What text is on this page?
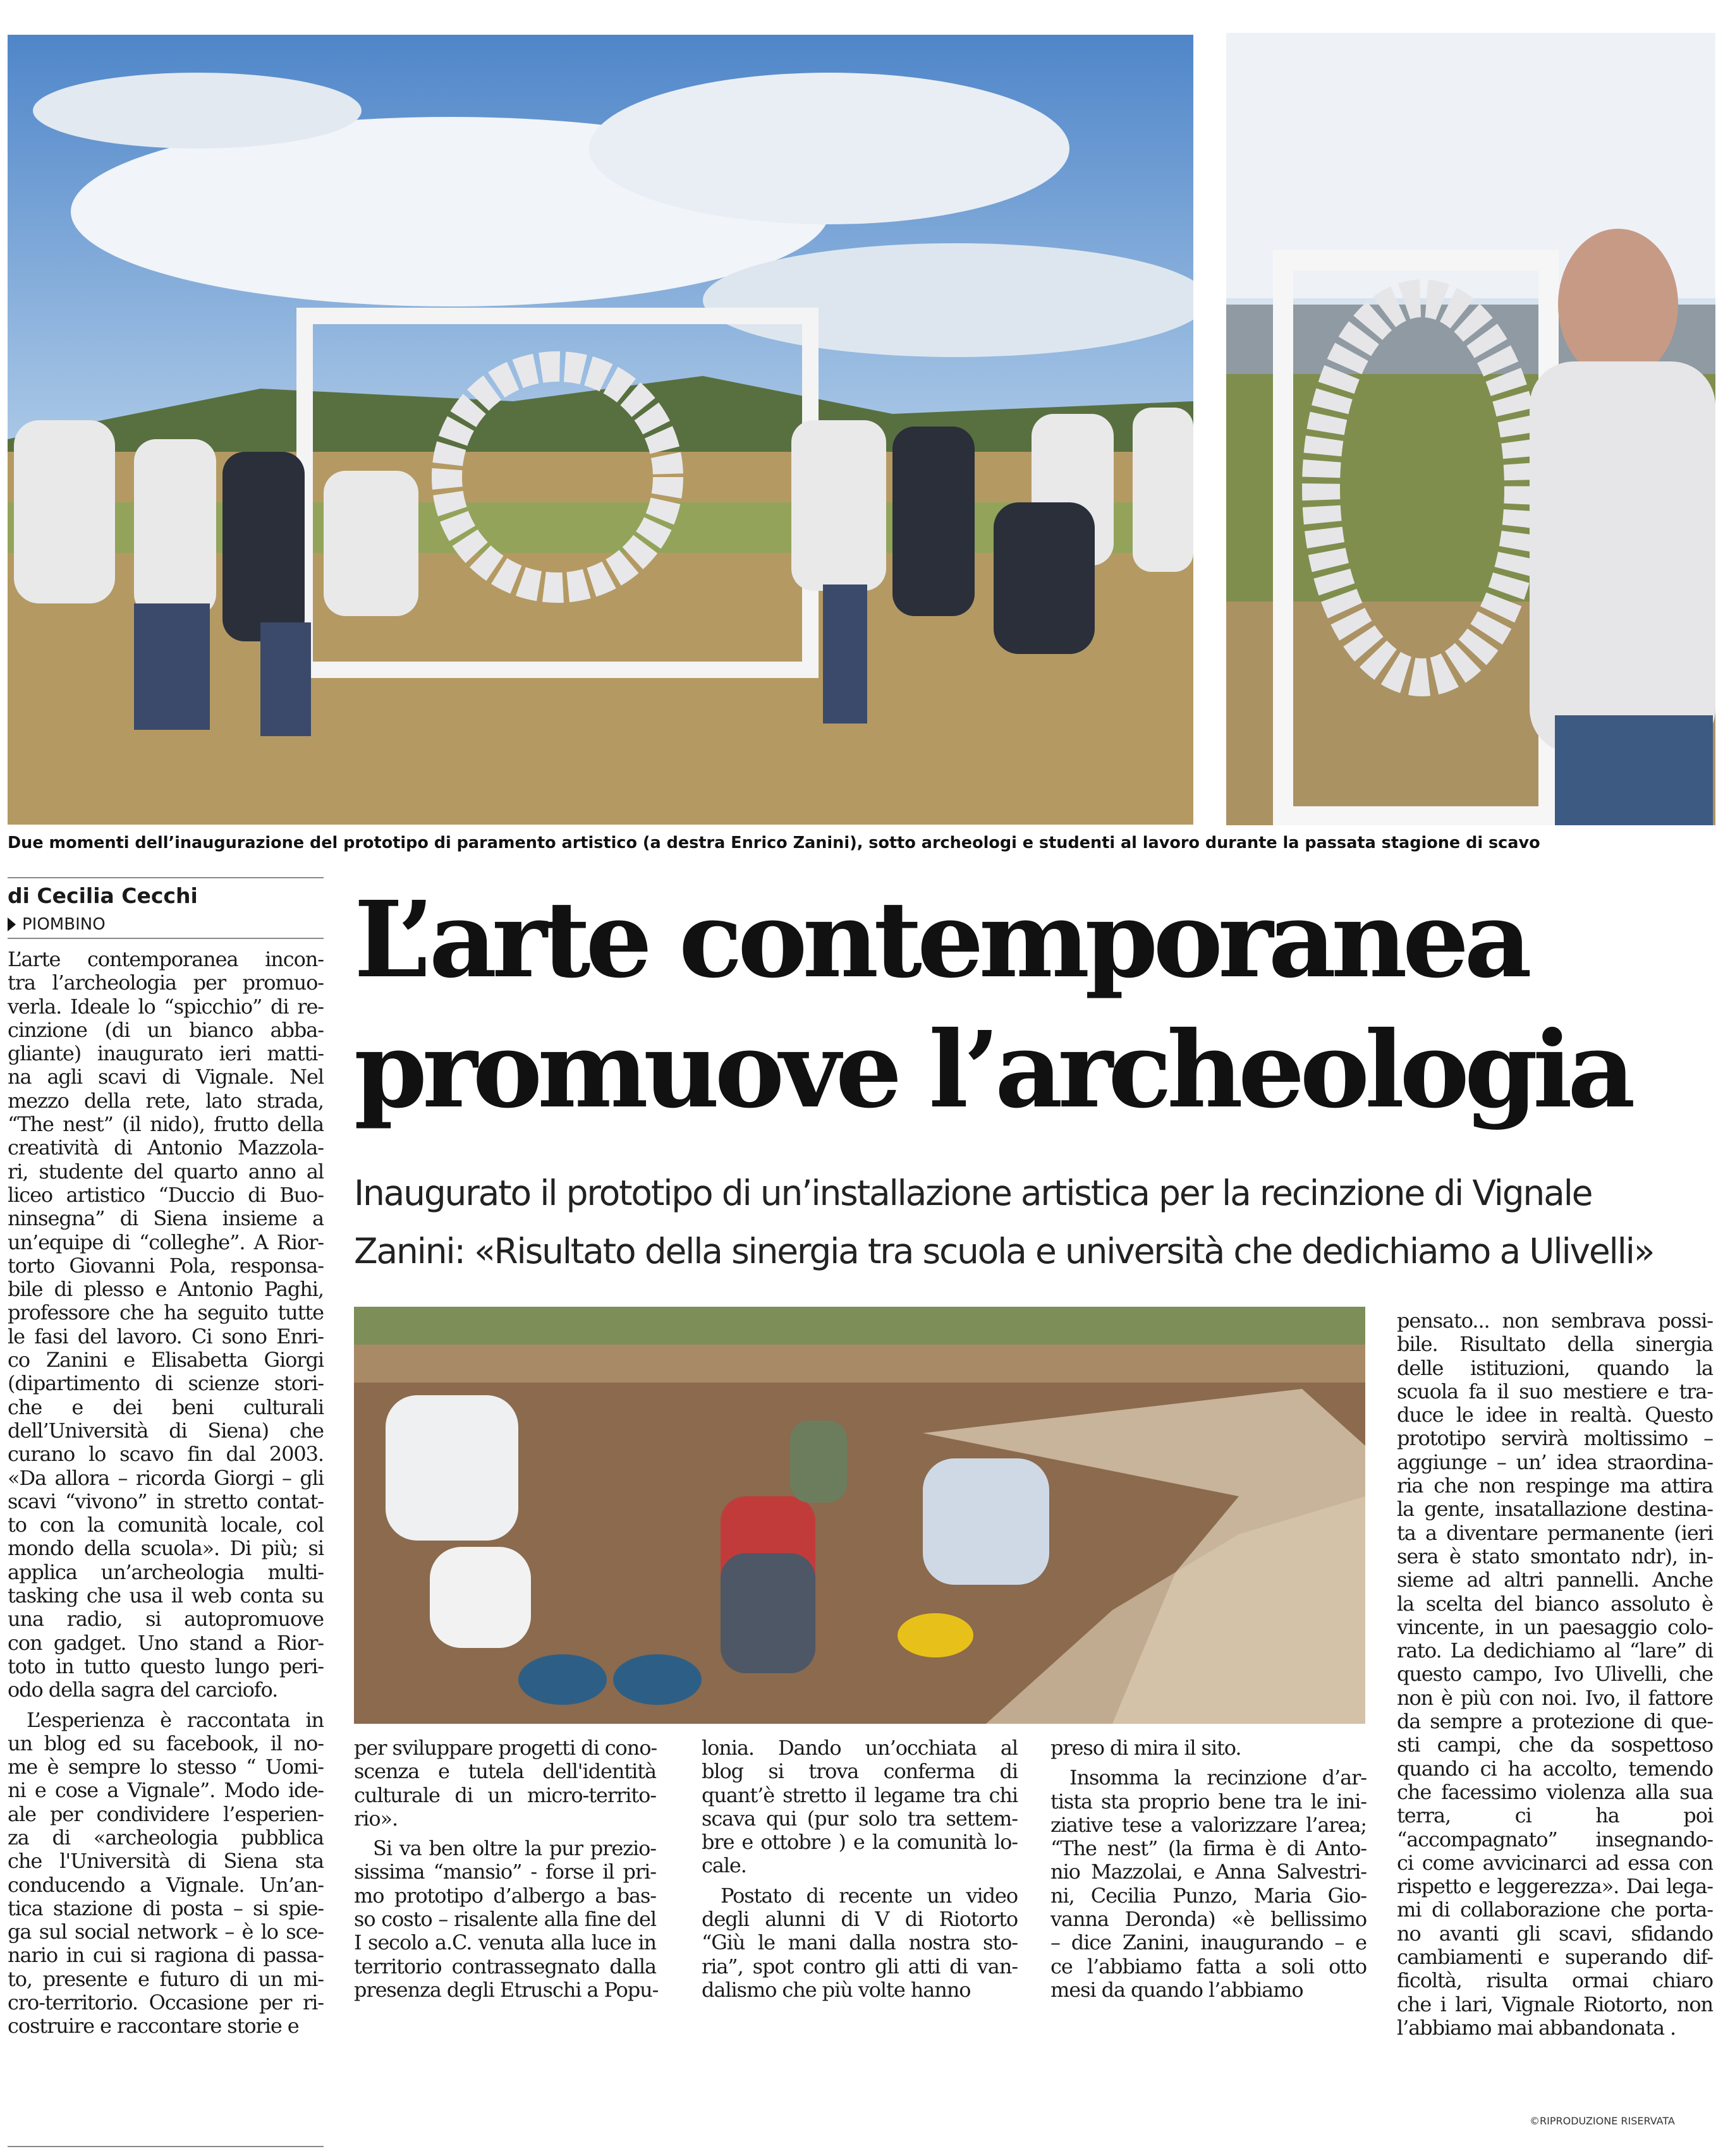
Due momenti dell’inaugurazione del prototipo di paramento artistico (a destra Enrico Zanini), sotto archeologi e studenti al lavoro durante la passata stagione di scavo
di Cecilia Cecchi
PIOMBINO L’arte contemporanea
promuove l’archeologia
Inaugurato il prototipo di un’installazione artistica per la recinzione di Vignale
Zanini: «Risultato della sinergia tra scuola e università che dedichiamo a Ulivelli»
L’arte contemporanea incon-
tra l’archeologia per promuo-
verla. Ideale lo “spicchio” di re-
cinzione (di un bianco abba-
gliante) inaugurato ieri matti-
na agli scavi di Vignale. Nel
mezzo della rete, lato strada,
“The nest” (il nido), frutto della
creatività di Antonio Mazzola-
ri, studente del quarto anno al
liceo artistico “Duccio di Buo-
ninsegna” di Siena insieme a
un’equipe di “colleghe”. A Rior-
torto Giovanni Pola, responsa-
bile di plesso e Antonio Paghi,
professore che ha seguito tutte
le fasi del lavoro. Ci sono Enri-
co Zanini e Elisabetta Giorgi
(dipartimento di scienze stori-
che e dei beni culturali
dell’Università di Siena) che
curano lo scavo fin dal 2003.
«Da allora – ricorda Giorgi – gli
scavi “vivono” in stretto contat-
to con la comunità locale, col
mondo della scuola». Di più; si
applica un’archeologia multi-
tasking che usa il web conta su
una radio, si autopromuove
con gadget. Uno stand a Rior-
toto in tutto questo lungo peri-
odo della sagra del carciofo.
L’esperienza è raccontata in
un blog ed su facebook, il no-
me è sempre lo stesso “ Uomi-
ni e cose a Vignale”. Modo ide-
ale per condividere l’esperien-
za di «archeologia pubblica
che l'Università di Siena sta
conducendo a Vignale. Un’an-
tica stazione di posta – si spie-
ga sul social network – è lo sce-
nario in cui si ragiona di passa-
to, presente e futuro di un mi-
cro-territorio. Occasione per ri-
costruire e raccontare storie e
per sviluppare progetti di cono-
scenza e tutela dell'identità
culturale di un micro-territo-
rio».
Si va ben oltre la pur prezio-
sissima “mansio” - forse il pri-
mo prototipo d’albergo a bas-
so costo – risalente alla fine del
I secolo a.C. venuta alla luce in
territorio contrassegnato dalla
presenza degli Etruschi a Popu-
lonia. Dando un’occhiata al
blog si trova conferma di
quant’è stretto il legame tra chi
scava qui (pur solo tra settem-
bre e ottobre ) e la comunità lo-
cale.
Postato di recente un video
degli alunni di V di Riotorto
“Giù le mani dalla nostra sto-
ria”, spot contro gli atti di van-
dalismo che più volte hanno
preso di mira il sito.
Insomma la recinzione d’ar-
tista sta proprio bene tra le ini-
ziative tese a valorizzare l’area;
“The nest” (la firma è di Anto-
nio Mazzolai, e Anna Salvestri-
ni, Cecilia Punzo, Maria Gio-
vanna Deronda) «è bellissimo
– dice Zanini, inaugurando – e
ce l’abbiamo fatta a soli otto
mesi da quando l’abbiamo
pensato... non sembrava possi-
bile. Risultato della sinergia
delle istituzioni, quando la
scuola fa il suo mestiere e tra-
duce le idee in realtà. Questo
prototipo servirà moltissimo –
aggiunge – un’ idea straordina-
ria che non respinge ma attira
la gente, insatallazione destina-
ta a diventare permanente (ieri
sera è stato smontato ndr), in-
sieme ad altri pannelli. Anche
la scelta del bianco assoluto è
vincente, in un paesaggio colo-
rato. La dedichiamo al “lare” di
questo campo, Ivo Ulivelli, che
non è più con noi. Ivo, il fattore
da sempre a protezione di que-
sti campi, che da sospettoso
quando ci ha accolto, temendo
che facessimo violenza alla sua
terra, ci ha poi
“accompagnato” insegnando-
ci come avvicinarci ad essa con
rispetto e leggerezza». Dai lega-
mi di collaborazione che porta-
no avanti gli scavi, sfidando
cambiamenti e superando dif-
ficoltà, risulta ormai chiaro
che i lari, Vignale Riotorto, non
l’abbiamo mai abbandonata .
©RIPRODUZIONE RISERVATA
